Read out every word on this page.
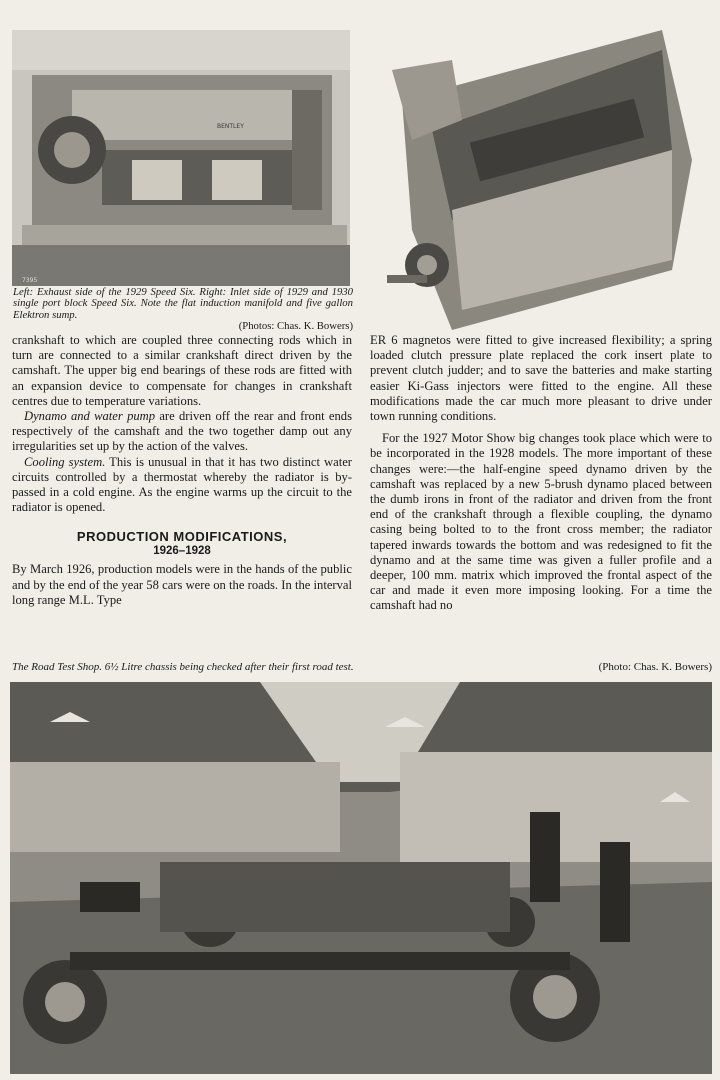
BENTLEY
7395
Left: Exhaust side of the 1929 Speed Six. Right: Inlet side of 1929 and 1930 single port block Speed Six. Note the flat induction manifold and five gallon Elektron sump.
(Photos: Chas. K. Bowers)

crankshaft to which are coupled three connecting rods which in turn are connected to a similar crankshaft direct driven by the camshaft. The upper big end bearings of these rods are fitted with an expansion device to compensate for changes in crankshaft centres due to temperature variations.

Dynamo and water pump are driven off the rear and front ends respectively of the camshaft and the two together damp out any irregularities set up by the action of the valves.

Cooling system. This is unusual in that it has two distinct water circuits controlled by a thermostat whereby the radiator is by-passed in a cold engine. As the engine warms up the circuit to the radiator is opened.

PRODUCTION MODIFICATIONS,
1926–1928

By March 1926, production models were in the hands of the public and by the end of the year 58 cars were on the roads. In the interval long range M.L. Type

ER 6 magnetos were fitted to give increased flexibility; a spring loaded clutch pressure plate replaced the cork insert plate to prevent clutch judder; and to save the batteries and make starting easier Ki-Gass injectors were fitted to the engine. All these modifications made the car much more pleasant to drive under town running conditions.

For the 1927 Motor Show big changes took place which were to be incorporated in the 1928 models. The more important of these changes were:—the half-engine speed dynamo driven by the camshaft was replaced by a new 5-brush dynamo placed between the dumb irons in front of the radiator and driven from the front end of the crankshaft through a flexible coupling, the dynamo casing being bolted to to the front cross member; the radiator tapered inwards towards the bottom and was redesigned to fit the dynamo and at the same time was given a fuller profile and a deeper, 100 mm. matrix which improved the frontal aspect of the car and made it even more imposing looking. For a time the camshaft had no

The Road Test Shop. 6½ Litre chassis being checked after their first road test.	(Photo: Chas. K. Bowers)
